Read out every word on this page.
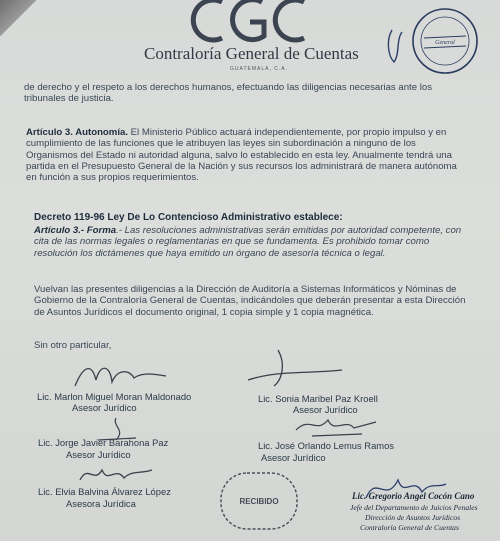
Contraloría General de Cuentas
GUATEMALA, C.A.
General

de derecho y el respeto a los derechos humanos, efectuando las diligencias necesarias ante los tribunales de justicia.

Artículo 3. Autonomía. El Ministerio Público actuará independientemente, por propio impulso y en cumplimiento de las funciones que le atribuyen las leyes sin subordinación a ninguno de los Organismos del Estado ni autoridad alguna, salvo lo establecido en esta ley. Anualmente tendrá una partida en el Presupuesto General de la Nación y sus recursos los administrará de manera autónoma en función a sus propios requerimientos.

Decreto 119-96 Ley De Lo Contencioso Administrativo establece:

Artículo 3.- Forma.- Las resoluciones administrativas serán emitidas por autoridad competente, con cita de las normas legales o reglamentarias en que se fundamenta. Es prohibido tomar como resolución los dictámenes que haya emitido un órgano de asesoría técnica o legal.

Vuelvan las presentes diligencias a la Dirección de Auditoría a Sistemas Informáticos y Nóminas de Gobierno de la Contraloría General de Cuentas, indicándoles que deberán presentar a esta Dirección de Asuntos Jurídicos el documento original, 1 copia simple y 1 copia magnética.

Sin otro particular,

Lic. Marlon Miguel Moran Maldonado
Asesor Jurídico
Lic. Sonia Maribel Paz Kroell
Asesor Jurídico
Lic. Jorge Javier Barahona Paz
Asesor Jurídico
Lic. José Orlando Lemus Ramos
Asesor Jurídico
Lic. Elvia Balvina Álvarez López
Asesora Jurídica	RECIBIDO
Lic. Gregorio Angel Cocón Cano
Jefe del Departamento de Juicios Penales
Dirección de Asuntos Jurídicos
Contraloría General de Cuentas
